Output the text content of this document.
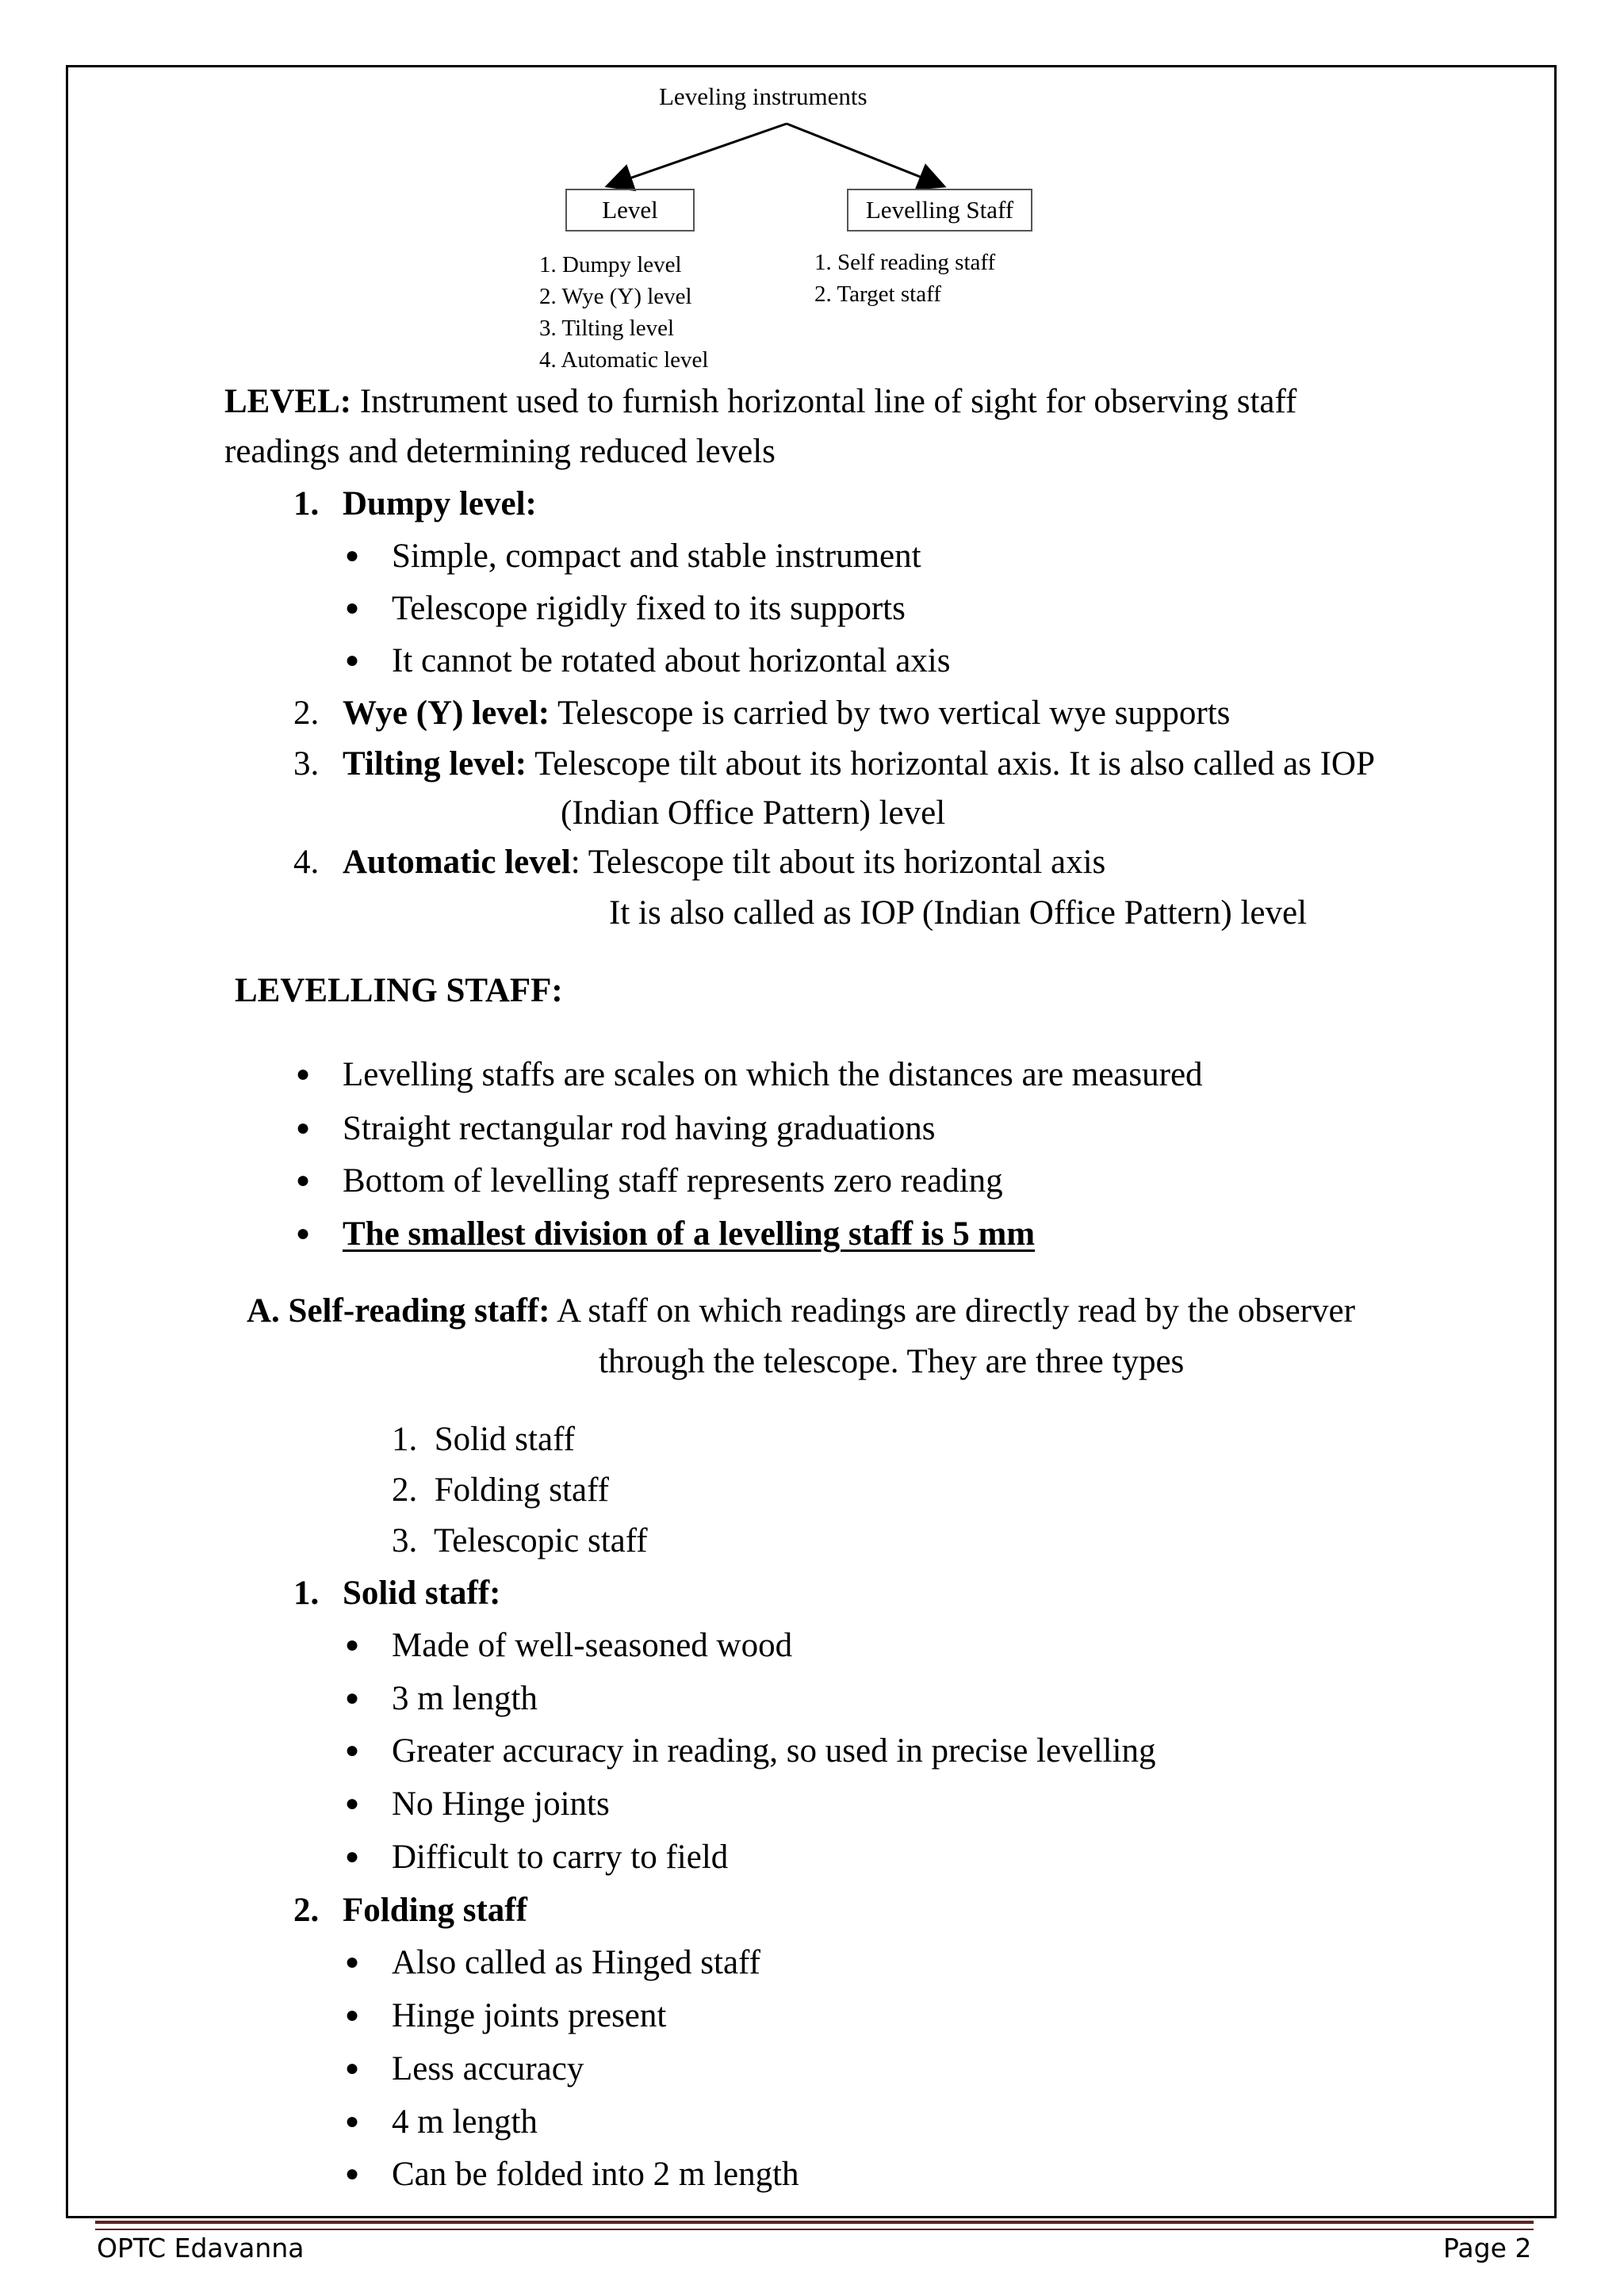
Leveling instruments
Level	Levelling Staff
1. Dumpy level
2. Wye (Y) level
3. Tilting level
4. Automatic level
1. Self reading staff
2. Target staff
LEVEL: Instrument used to furnish horizontal line of sight for observing staff
readings and determining reduced levels
1. Dumpy level:
● Simple, compact and stable instrument
● Telescope rigidly fixed to its supports
● It cannot be rotated about horizontal axis
2. Wye (Y) level: Telescope is carried by two vertical wye supports
3. Tilting level: Telescope tilt about its horizontal axis. It is also called as IOP
(Indian Office Pattern) level
4. Automatic level: Telescope tilt about its horizontal axis
It is also called as IOP (Indian Office Pattern) level
LEVELLING STAFF:
● Levelling staffs are scales on which the distances are measured
● Straight rectangular rod having graduations
● Bottom of levelling staff represents zero reading
● The smallest division of a levelling staff is 5 mm
A. Self-reading staff: A staff on which readings are directly read by the observer
through the telescope. They are three types
1.  Solid staff
2.  Folding staff
3.  Telescopic staff
1. Solid staff:
● Made of well-seasoned wood
● 3 m length
● Greater accuracy in reading, so used in precise levelling
● No Hinge joints
● Difficult to carry to field
2. Folding staff
● Also called as Hinged staff
● Hinge joints present
● Less accuracy
● 4 m length
● Can be folded into 2 m length
OPTC Edavanna	Page 2
